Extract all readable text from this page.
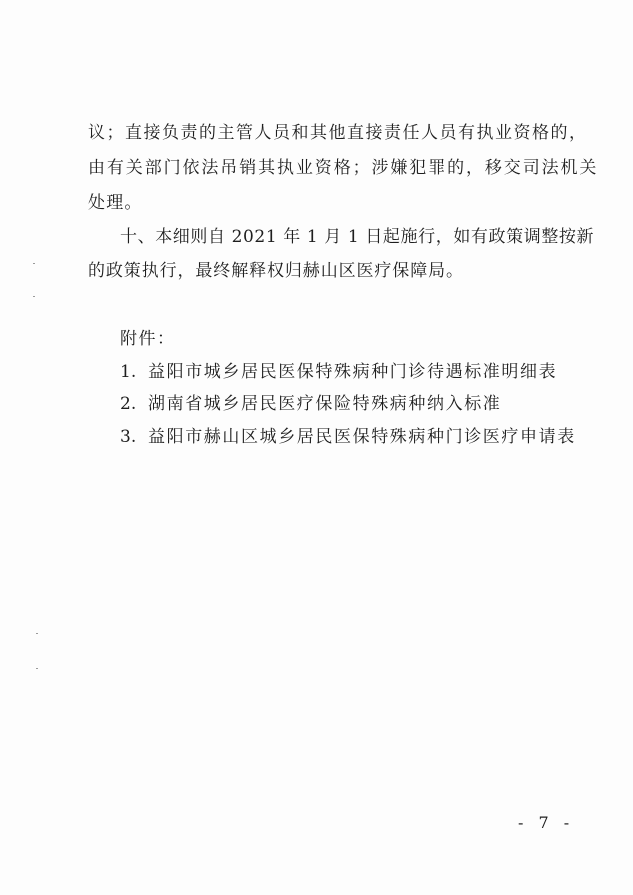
议；直接负责的主管人员和其他直接责任人员有执业资格的，
由有关部门依法吊销其执业资格；涉嫌犯罪的，移交司法机关
处理。
十、本细则自 2021 年 1 月 1 日起施行，如有政策调整按新
的政策执行，最终解释权归赫山区医疗保障局。
附件：
1. 益阳市城乡居民医保特殊病种门诊待遇标准明细表
2. 湖南省城乡居民医疗保险特殊病种纳入标准
3. 益阳市赫山区城乡居民医保特殊病种门诊医疗申请表
- 7 -
